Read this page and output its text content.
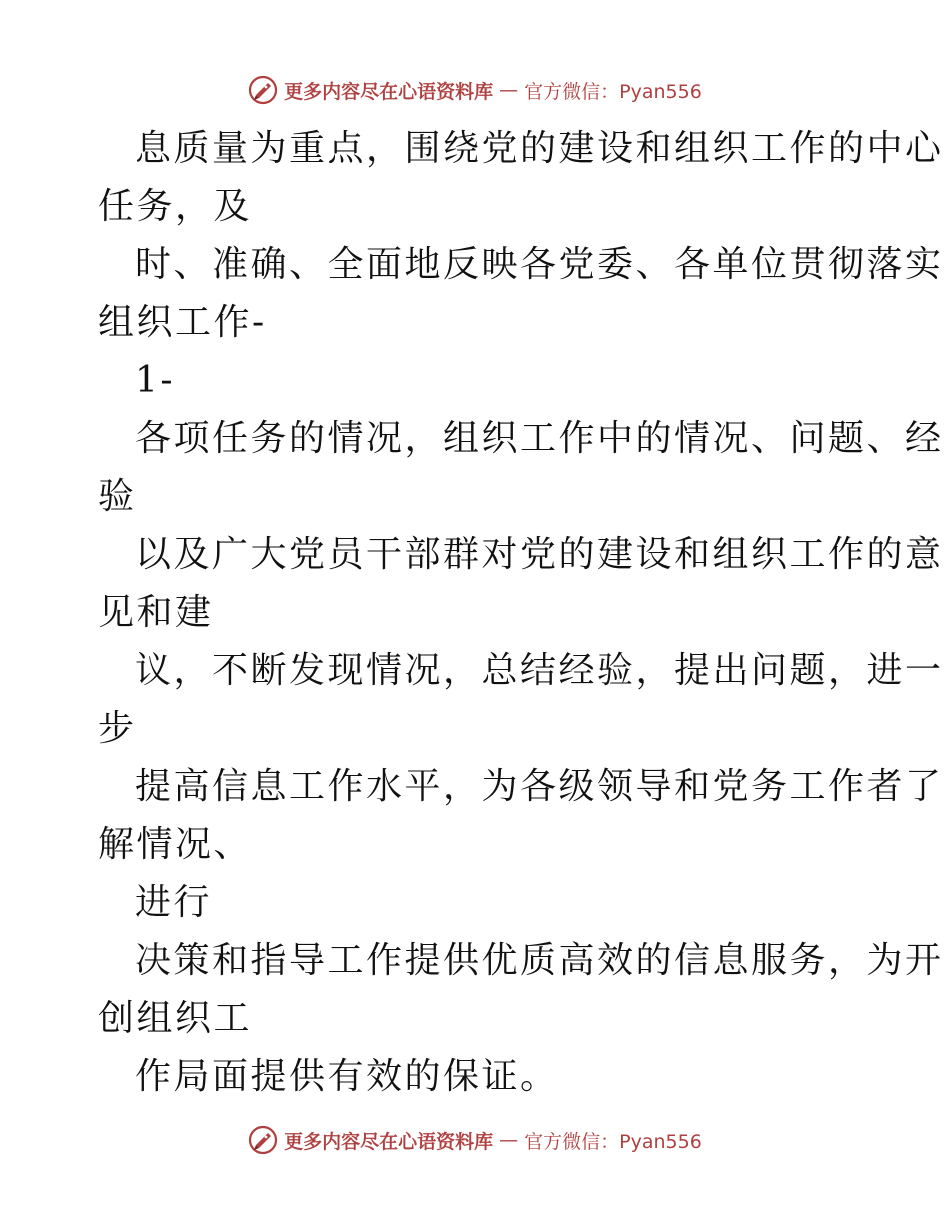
更多内容尽在心语资料库 — 官方微信：Pyan556

息质量为重点，围绕党的建设和组织工作的中心

任务，及

时、准确、全面地反映各党委、各单位贯彻落实

组织工作-

1-

各项任务的情况，组织工作中的情况、问题、经

验

以及广大党员干部群对党的建设和组织工作的意

见和建

议，不断发现情况，总结经验，提出问题，进一

步

提高信息工作水平，为各级领导和党务工作者了

解情况、

进行

决策和指导工作提供优质高效的信息服务，为开

创组织工

作局面提供有效的保证。

更多内容尽在心语资料库 — 官方微信：Pyan556
